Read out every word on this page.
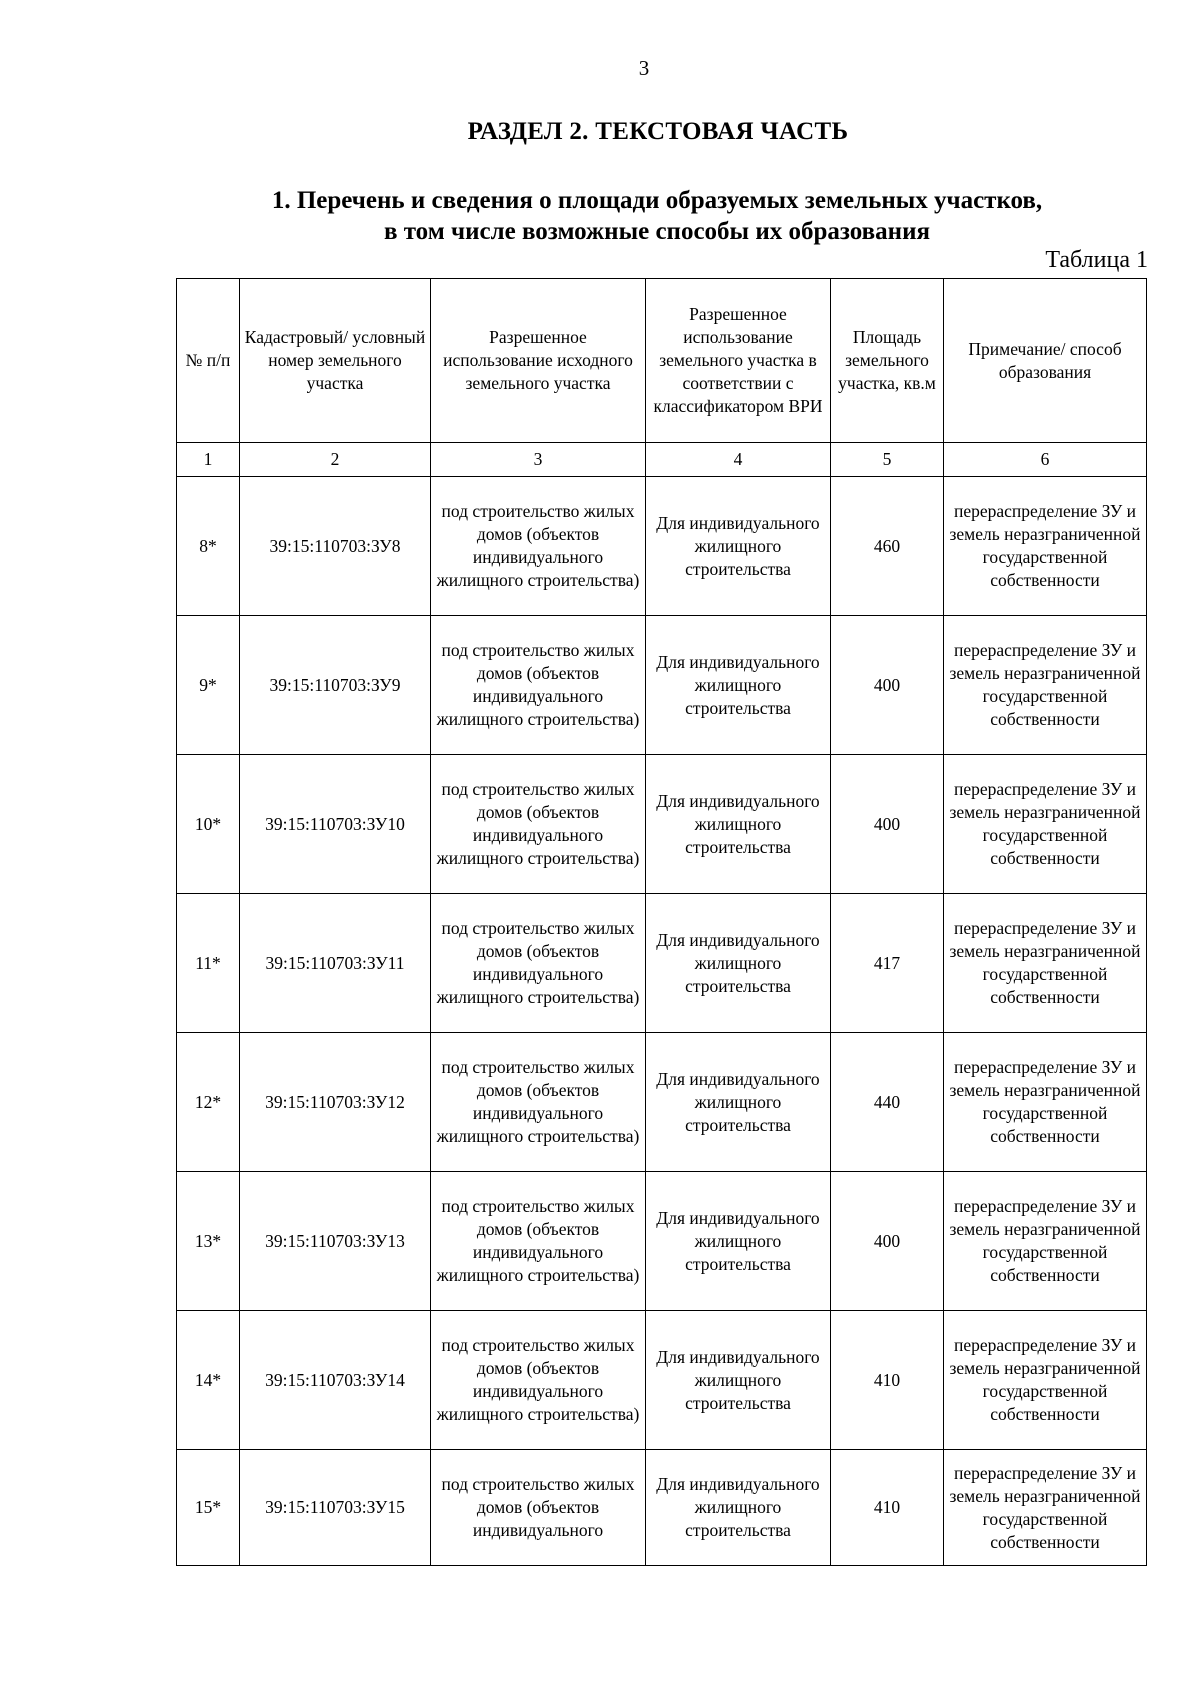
3
РАЗДЕЛ 2. ТЕКСТОВАЯ ЧАСТЬ
1. Перечень и сведения о площади образуемых земельных участков,
в том числе возможные способы их образования
Таблица 1
№ п/п	Кадастровый/ условный номер земельного участка	Разрешенное использование исходного земельного участка	Разрешенное использование земельного участка в соответствии с классификатором ВРИ	Площадь земельного участка, кв.м	Примечание/ способ образования
1	2	3	4	5	6
8*	39:15:110703:ЗУ8	под строительство жилых домов (объектов индивидуального жилищного строительства)	Для индивидуального жилищного строительства	460	перераспределение ЗУ и земель неразграниченной государственной собственности
9*	39:15:110703:ЗУ9	под строительство жилых домов (объектов индивидуального жилищного строительства)	Для индивидуального жилищного строительства	400	перераспределение ЗУ и земель неразграниченной государственной собственности
10*	39:15:110703:ЗУ10	под строительство жилых домов (объектов индивидуального жилищного строительства)	Для индивидуального жилищного строительства	400	перераспределение ЗУ и земель неразграниченной государственной собственности
11*	39:15:110703:ЗУ11	под строительство жилых домов (объектов индивидуального жилищного строительства)	Для индивидуального жилищного строительства	417	перераспределение ЗУ и земель неразграниченной государственной собственности
12*	39:15:110703:ЗУ12	под строительство жилых домов (объектов индивидуального жилищного строительства)	Для индивидуального жилищного строительства	440	перераспределение ЗУ и земель неразграниченной государственной собственности
13*	39:15:110703:ЗУ13	под строительство жилых домов (объектов индивидуального жилищного строительства)	Для индивидуального жилищного строительства	400	перераспределение ЗУ и земель неразграниченной государственной собственности
14*	39:15:110703:ЗУ14	под строительство жилых домов (объектов индивидуального жилищного строительства)	Для индивидуального жилищного строительства	410	перераспределение ЗУ и земель неразграниченной государственной собственности
15*	39:15:110703:ЗУ15	под строительство жилых домов (объектов индивидуального	Для индивидуального жилищного строительства	410	перераспределение ЗУ и земель неразграниченной государственной собственности
